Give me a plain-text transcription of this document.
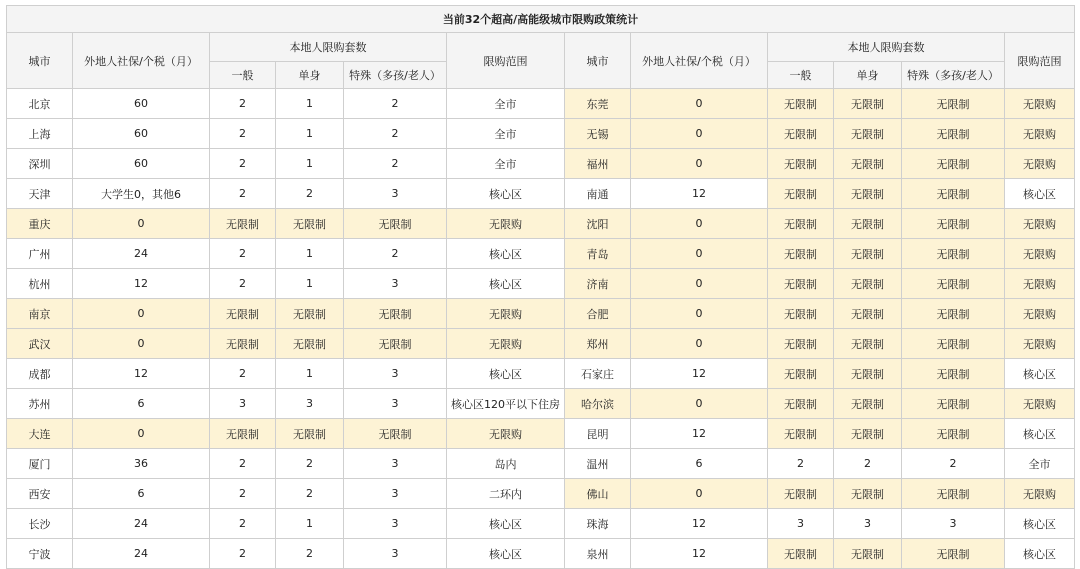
当前32个超高/高能级城市限购政策统计											
城市	外地人社保/个税（月）	本地人限购套数			限购范围	城市	外地人社保/个税（月）	本地人限购套数			限购范围
		一般	单身	特殊（多孩/老人）				一般	单身	特殊（多孩/老人）	
北京	60	2	1	2	全市	东莞	0	无限制	无限制	无限制	无限购
上海	60	2	1	2	全市	无锡	0	无限制	无限制	无限制	无限购
深圳	60	2	1	2	全市	福州	0	无限制	无限制	无限制	无限购
天津	大学生0，其他6	2	2	3	核心区	南通	12	无限制	无限制	无限制	核心区
重庆	0	无限制	无限制	无限制	无限购	沈阳	0	无限制	无限制	无限制	无限购
广州	24	2	1	2	核心区	青岛	0	无限制	无限制	无限制	无限购
杭州	12	2	1	3	核心区	济南	0	无限制	无限制	无限制	无限购
南京	0	无限制	无限制	无限制	无限购	合肥	0	无限制	无限制	无限制	无限购
武汉	0	无限制	无限制	无限制	无限购	郑州	0	无限制	无限制	无限制	无限购
成都	12	2	1	3	核心区	石家庄	12	无限制	无限制	无限制	核心区
苏州	6	3	3	3	核心区120平以下住房	哈尔滨	0	无限制	无限制	无限制	无限购
大连	0	无限制	无限制	无限制	无限购	昆明	12	无限制	无限制	无限制	核心区
厦门	36	2	2	3	岛内	温州	6	2	2	2	全市
西安	6	2	2	3	二环内	佛山	0	无限制	无限制	无限制	无限购
长沙	24	2	1	3	核心区	珠海	12	3	3	3	核心区
宁波	24	2	2	3	核心区	泉州	12	无限制	无限制	无限制	核心区
